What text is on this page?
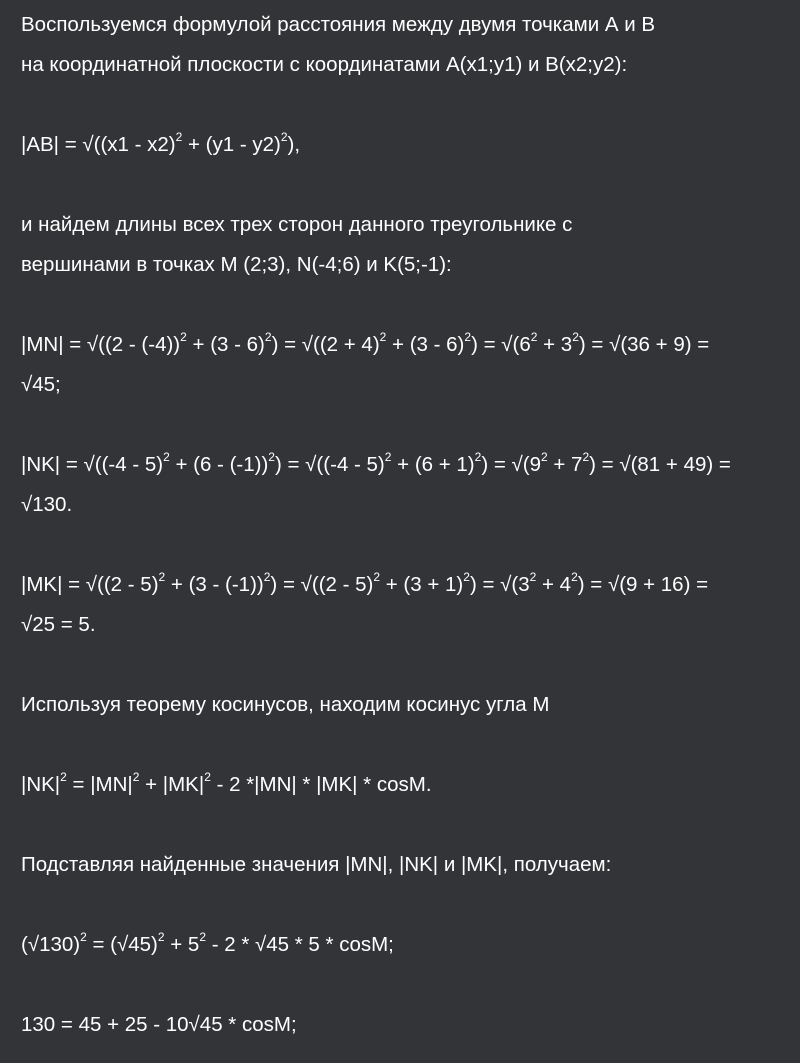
Воспользуемся формулой расстояния между двумя точками А и В
на координатной плоскости с координатами А(х1;у1) и В(х2;у2):
|AB| = √((x1 - x2)$^2$ + (y1 - y2)$^2$),
и найдем длины всех трех сторон данного треугольнике с
вершинами в точках M (2;3), N(-4;6) и K(5;-1):
$|MN| = √((2 - (-4))^2 + (3 - 6)^2) = √((2 + 4)^2 + (3 - 6)^2) = √(6^2 + 3^2) = √(36 + 9)$ =
√45;
$|NK| = √((-4 - 5)^2 + (6 - (-1))^2) = √((-4 - 5)^2 + (6 + 1)^2) = √(9^2 + 7^2) = √(81 + 49)$ =
√130.
$|MK| = √((2 - 5)^2 + (3 - (-1))^2) = √((2 - 5)^2 + (3 + 1)^2) = √(3^2 + 4^2) = √(9 + 16)$ =
√25 = 5.
Используя теорему косинусов, находим косинус угла М
$|NK|^2 = |MN|^2 + |MK|^2 - 2$ *|MN| * |MK| * cosM.
Подставляя найденные значения |MN|, |NK| и |MK|, получаем:
$(√130)^2 = (√45)^2 + 5^2 - 2 * √45 * 5 * \cos M$;
130 = 45 + 25 - 10√45 * cosM;
